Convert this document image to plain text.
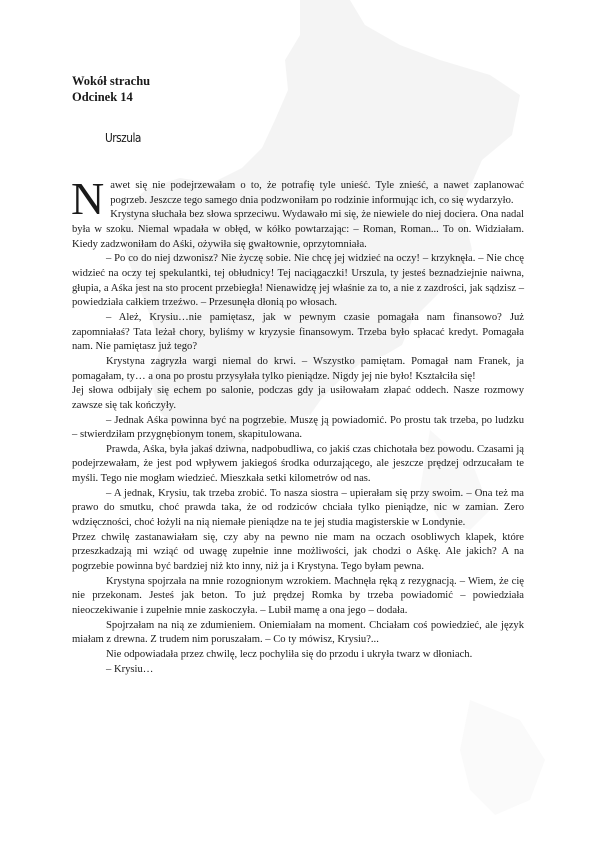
Wokół strachu
Odcinek 14
Urszula

Nawet się nie podejrzewałam o to, że potrafię tyle unieść. Tyle znieść, a nawet zaplanować pogrzeb. Jeszcze tego samego dnia podzwoniłam po rodzinie informując ich, co się wydarzyło.

Krystyna słuchała bez słowa sprzeciwu. Wydawało mi się, że niewiele do niej dociera. Ona nadal była w szoku. Niemal wpadała w obłęd, w kółko powtarzając: – Roman, Roman... To on. Widziałam. Kiedy zadzwoniłam do Aśki, ożywiła się gwałtownie, oprzytomniała.

– Po co do niej dzwonisz? Nie życzę sobie. Nie chcę jej widzieć na oczy! – krzyknęła. – Nie chcę widzieć na oczy tej spekulantki, tej obłudnicy! Tej naciągaczki! Urszula, ty jesteś beznadziejnie naiwna, głupia, a Aśka jest na sto procent przebiegła! Nienawidzę jej właśnie za to, a nie z zazdrości, jak sądzisz – powiedziała całkiem trzeźwo. – Przesunęła dłonią po włosach.

– Ależ, Krysiu…nie pamiętasz, jak w pewnym czasie pomagała nam finansowo? Już zapomniałaś? Tata leżał chory, byliśmy w kryzysie finansowym. Trzeba było spłacać kredyt. Pomagała nam. Nie pamiętasz już tego?

Krystyna zagryzła wargi niemal do krwi. – Wszystko pamiętam. Pomagał nam Franek, ja pomagałam, ty… a ona po prostu przysyłała tylko pieniądze. Nigdy jej nie było! Kształciła się!

Jej słowa odbijały się echem po salonie, podczas gdy ja usiłowałam złapać oddech. Nasze rozmowy zawsze się tak kończyły.

– Jednak Aśka powinna być na pogrzebie. Muszę ją powiadomić. Po prostu tak trzeba, po ludzku – stwierdziłam przygnębionym tonem, skapitulowana.

Prawda, Aśka, była jakaś dziwna, nadpobudliwa, co jakiś czas chichotała bez powodu. Czasami ją podejrzewałam, że jest pod wpływem jakiegoś środka odurzającego, ale jeszcze prędzej odrzucałam te myśli. Tego nie mogłam wiedzieć. Mieszkała setki kilometrów od nas.

– A jednak, Krysiu, tak trzeba zrobić. To nasza siostra – upierałam się przy swoim. – Ona też ma prawo do smutku, choć prawda taka, że od rodziców chciała tylko pieniądze, nic w zamian. Zero wdzięczności, choć łożyli na nią niemałe pieniądze na te jej studia magisterskie w Londynie.

Przez chwilę zastanawiałam się, czy aby na pewno nie mam na oczach osobliwych klapek, które przeszkadzają mi wziąć od uwagę zupełnie inne możliwości, jak chodzi o Aśkę. Ale jakich? A na pogrzebie powinna być bardziej niż kto inny, niż ja i Krystyna. Tego byłam pewna.

Krystyna spojrzała na mnie rozognionym wzrokiem. Machnęła ręką z rezygnacją. – Wiem, że cię nie przekonam. Jesteś jak beton. To już prędzej Romka by trzeba powiadomić – powiedziała nieoczekiwanie i zupełnie mnie zaskoczyła. – Lubił mamę a ona jego – dodała.

Spojrzałam na nią ze zdumieniem. Oniemiałam na moment. Chciałam coś powiedzieć, ale język miałam z drewna. Z trudem nim poruszałam. – Co ty mówisz, Krysiu?...

Nie odpowiadała przez chwilę, lecz pochyliła się do przodu i ukryła twarz w dłoniach.

– Krysiu…
